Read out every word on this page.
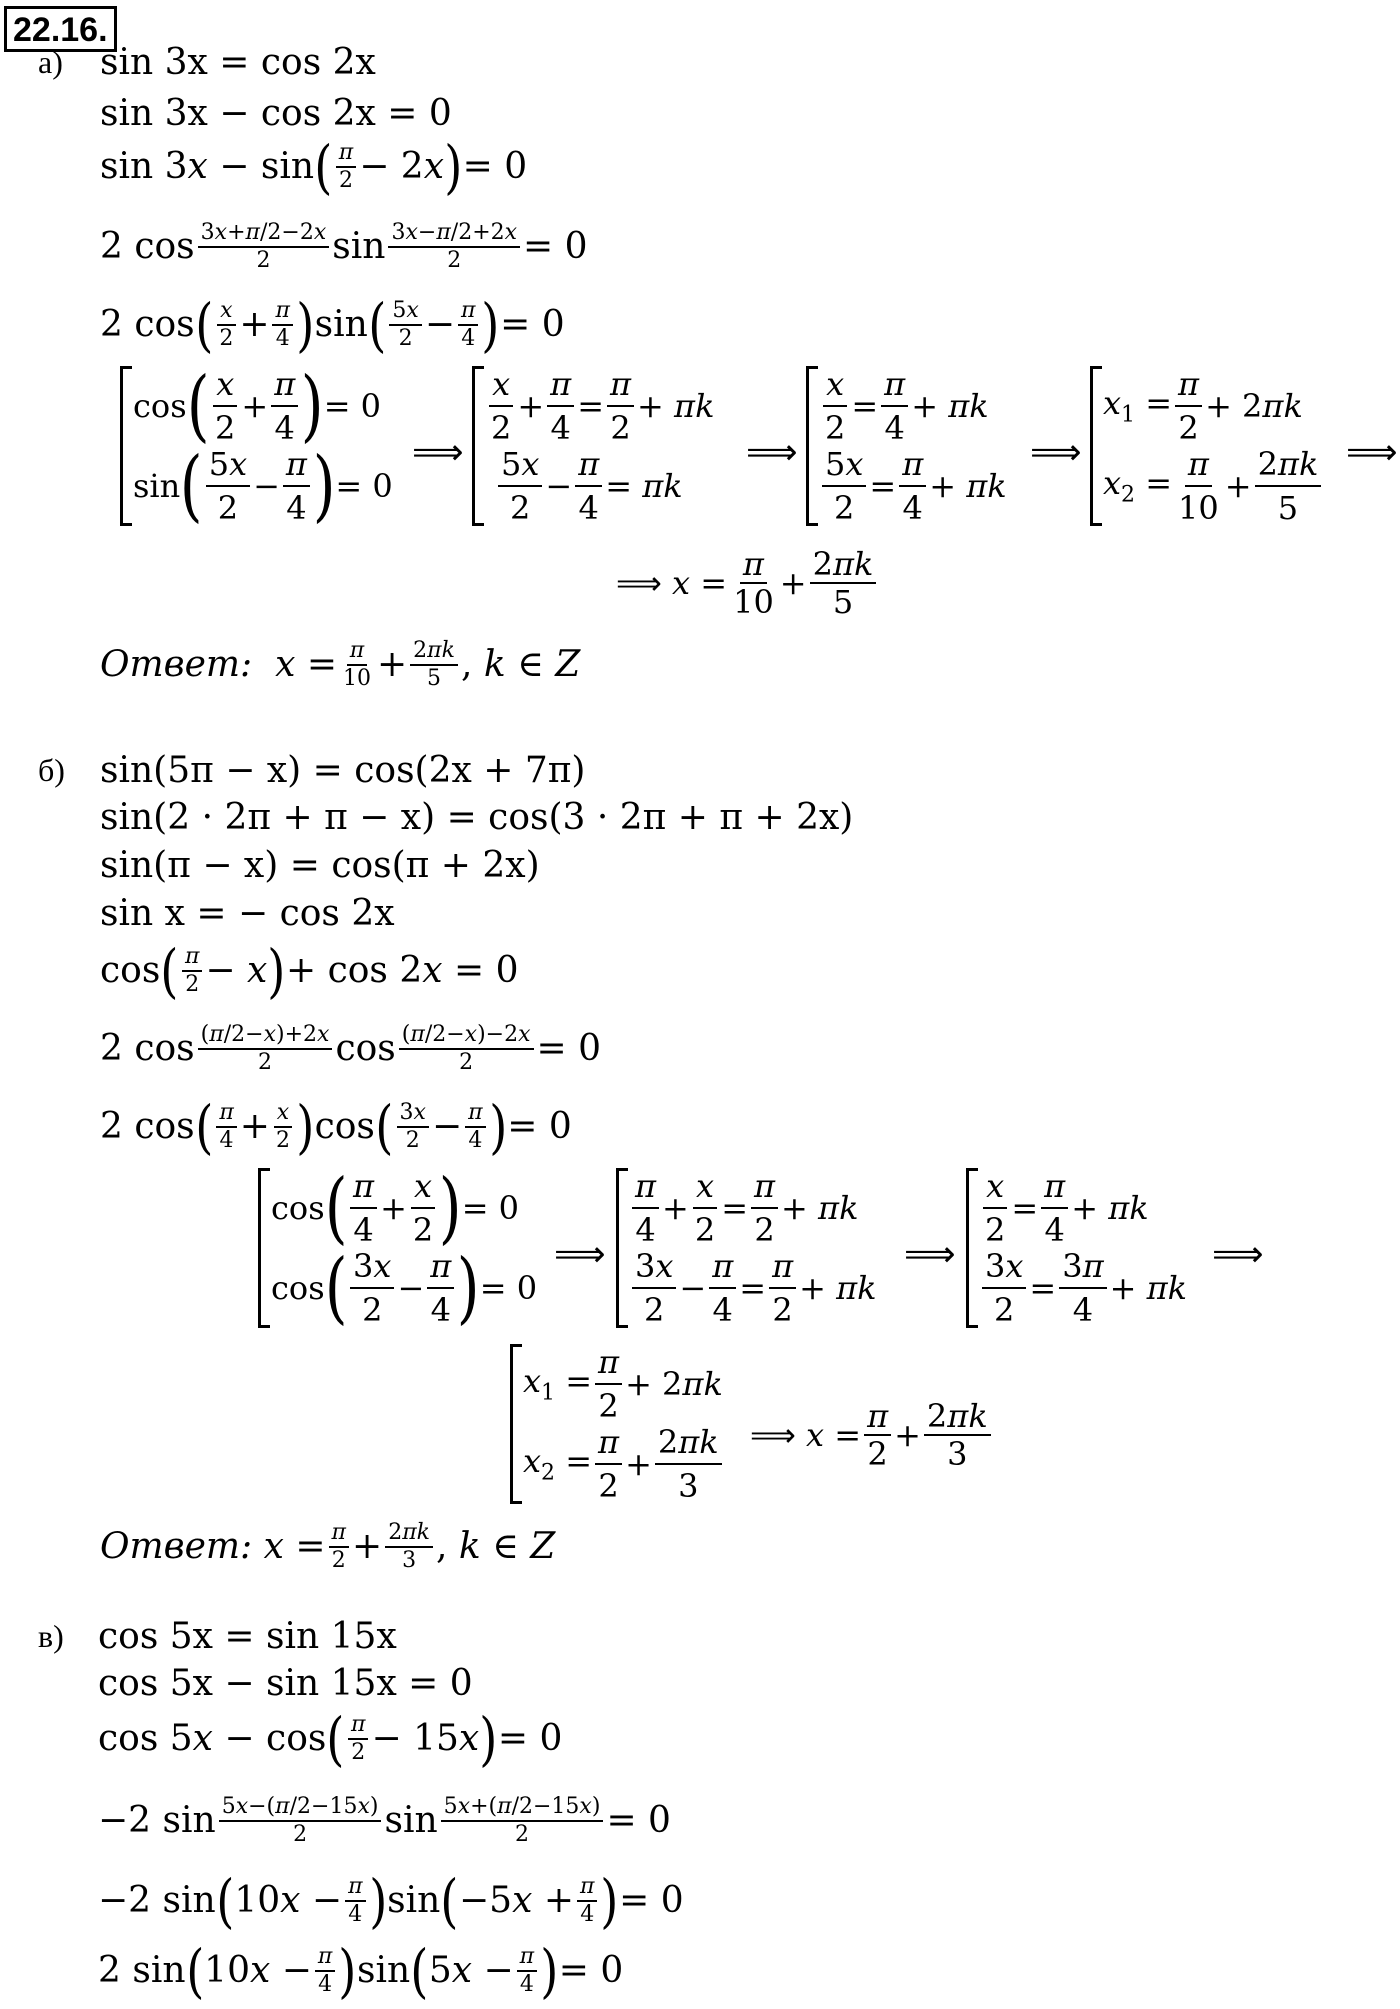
22.16.
а) sin 3x = cos 2x
sin 3x − cos 2x = 0
sin 3x − sin ( π
2 − 2x ) = 0
2 cos 3x+π/2−2x
2 $\sin \frac{3x-\pi/2+2x}{2} = 0$
2 cos ( x
$2 + \frac{\pi}{4}$ ) sin ( 5x
$2 - \frac{\pi}{4}$ ) = 0
cos ( x
2
+ $\frac{\pi}{4}$ ) = 0
sin ( 5x
2
− $\frac{\pi}{4}$ ) = 0
⟹
x
2
+ $\frac{\pi}{4} = \frac{\pi}{2} + \pi k$
5x
2
− $\frac{\pi}{4} = \pi k$
⟹
$\frac{x}{2} = \frac{\pi}{4} + \pi k$
$\frac{5x}{2} = \frac{\pi}{4} + \pi k$
⟹
$x_1 = \frac{\pi}{2} + 2\pi k$
$x_2 = \frac{\pi}{10} + \frac{2\pi k}{5}$ ⟹
⟹ $x = \frac{\pi}{10} + \frac{2\pi k}{5}$
Ответ : $x = \frac{\pi}{10} + \frac{2\pi k}{5}$ , k ∈ Z
б) sin(5π − x) = cos(2x + 7π)
sin(2 · 2π + π − x) = cos(3 · 2π + π + 2x)
sin(π − x) = cos(π + 2x)
sin x = − cos 2x
cos ( π
2 − x ) + cos 2x = 0
2 cos (π/2−x)+2x
2 $\cos \frac{(\pi/2-x)-2x}{2} = 0$
2 cos ( π
$4 + \frac{x}{2}$ ) cos ( 3x
$2 - \frac{\pi}{4}$ ) = 0
cos ( π
4
+ $\frac{x}{2}$ ) = 0
cos ( 3x
2
− $\frac{\pi}{4}$ ) = 0
⟹
π
4
+ $\frac{x}{2} = \frac{\pi}{2} + \pi k$
3x
2
− $\frac{\pi}{4} = \frac{\pi}{2} + \pi k$
⟹
$\frac{x}{2} = \frac{\pi}{4} + \pi k$
$\frac{3x}{2} = \frac{3\pi}{4} + \pi k$
⟹
$x_1 = \frac{\pi}{2} + 2\pi k$
$x_2 = \frac{\pi}{2} + \frac{2\pi k}{3}$ ⟹ $x = \frac{\pi}{2} + \frac{2\pi k}{3}$
Ответ : $x = \frac{\pi}{2} + \frac{2\pi k}{3}$ , k ∈ Z
в) cos 5x = sin 15x
cos 5x − sin 15x = 0
cos 5x − cos ( π
2 − 15x ) = 0
−2 sin 5x−(π/2−15x)
2 $\sin \frac{5x+(\pi/2-15x)}{2} = 0$
−2 sin ( $10x - \frac{\pi}{4}$ ) sin ( $-5x + \frac{\pi}{4}$ ) = 0
2 sin ( $10x - \frac{\pi}{4}$ ) sin ( $5x - \frac{\pi}{4}$ ) = 0
